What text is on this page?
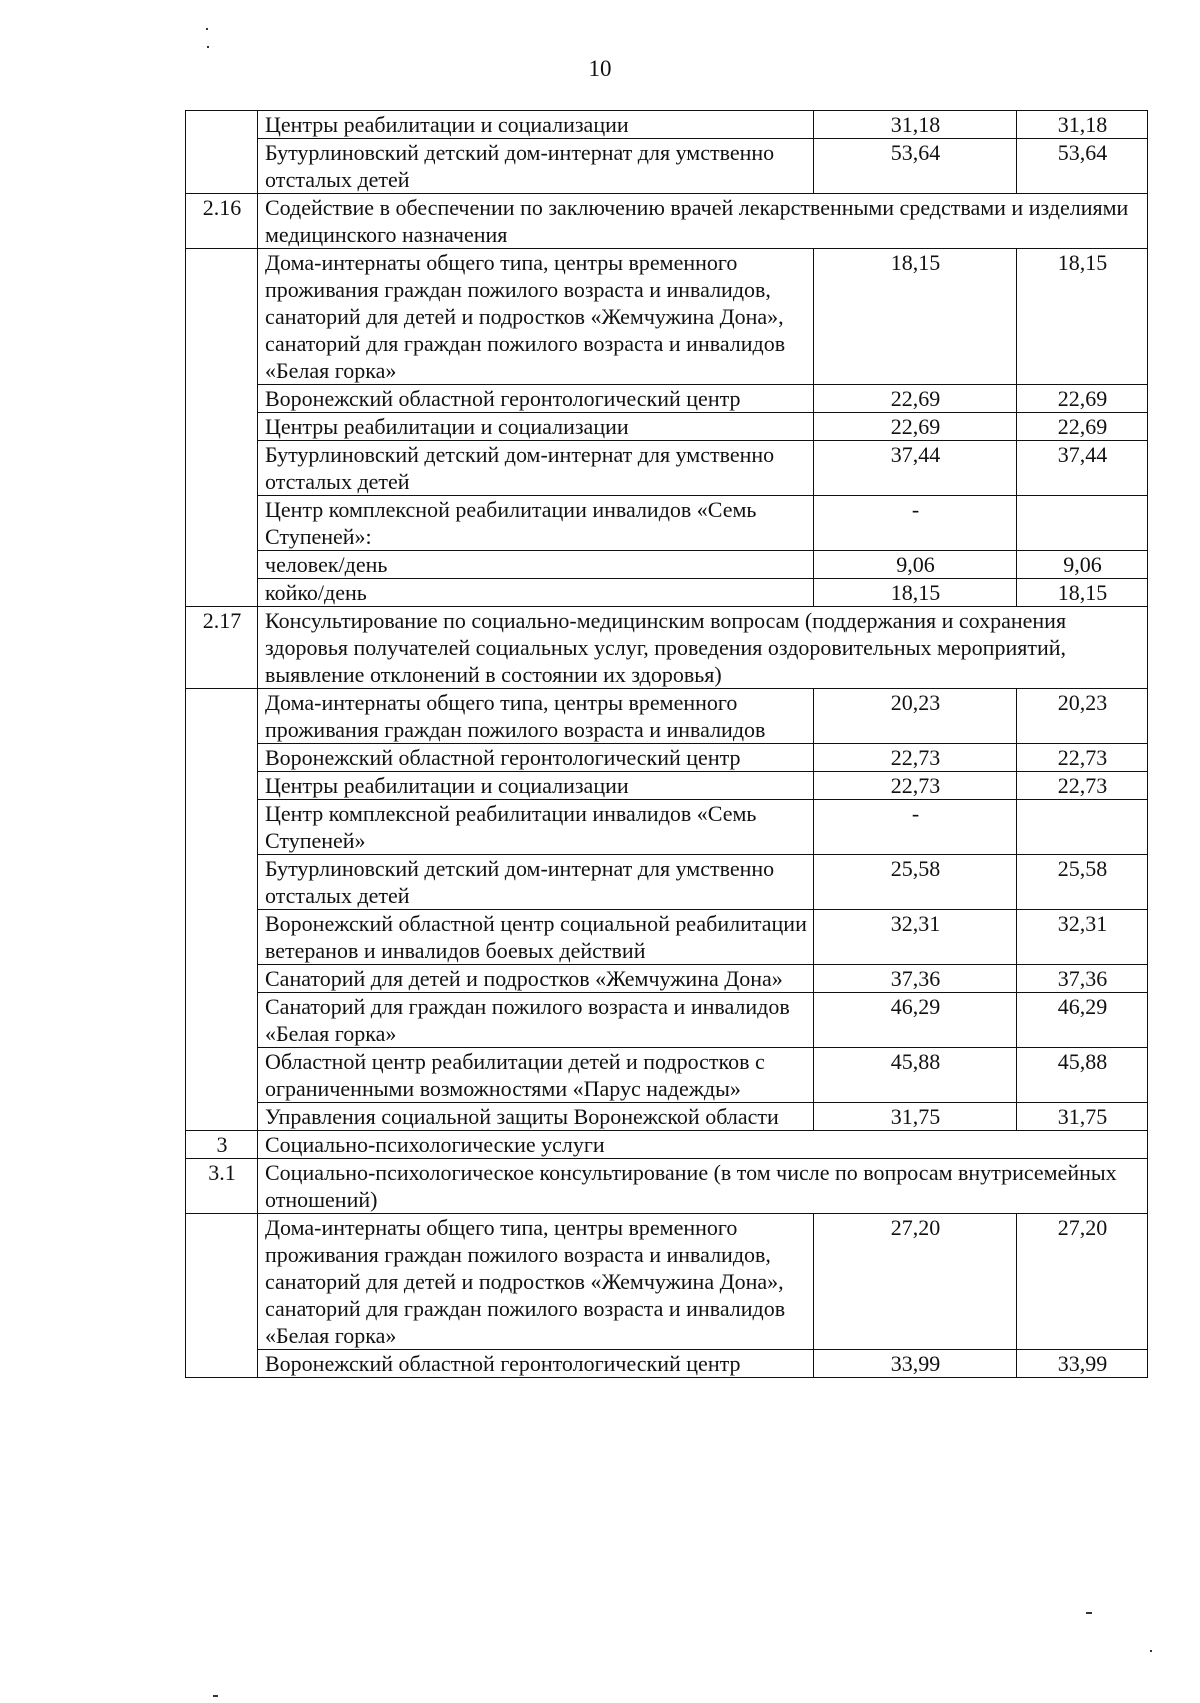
10
	Центры реабилитации и социализации	31,18	31,18
	Бутурлиновский детский дом-интернат для умственно отсталых детей	53,64	53,64
2.16	Содействие в обеспечении по заключению врачей лекарственными средствами и изделиями медицинского назначения		
	Дома-интернаты общего типа, центры временного проживания граждан пожилого возраста и инвалидов, санаторий для детей и подростков «Жемчужина Дона», санаторий для граждан пожилого возраста и инвалидов «Белая горка»	18,15	18,15
	Воронежский областной геронтологический центр	22,69	22,69
	Центры реабилитации и социализации	22,69	22,69
	Бутурлиновский детский дом-интернат для умственно отсталых детей	37,44	37,44
	Центр комплексной реабилитации инвалидов «Семь Ступеней»:	-	
	человек/день	9,06	9,06
	койко/день	18,15	18,15
2.17	Консультирование по социально-медицинским вопросам (поддержания и сохранения здоровья получателей социальных услуг, проведения оздоровительных мероприятий, выявление отклонений в состоянии их здоровья)		
	Дома-интернаты общего типа, центры временного проживания граждан пожилого возраста и инвалидов	20,23	20,23
	Воронежский областной геронтологический центр	22,73	22,73
	Центры реабилитации и социализации	22,73	22,73
	Центр комплексной реабилитации инвалидов «Семь Ступеней»	-	
	Бутурлиновский детский дом-интернат для умственно отсталых детей	25,58	25,58
	Воронежский областной центр социальной реабилитации ветеранов и инвалидов боевых действий	32,31	32,31
	Санаторий для детей и подростков «Жемчужина Дона»	37,36	37,36
	Санаторий для граждан пожилого возраста и инвалидов «Белая горка»	46,29	46,29
	Областной центр реабилитации детей и подростков с ограниченными возможностями «Парус надежды»	45,88	45,88
	Управления социальной защиты Воронежской области	31,75	31,75
3	Социально-психологические услуги		
3.1	Социально-психологическое консультирование (в том числе по вопросам внутрисемейных отношений)		
	Дома-интернаты общего типа, центры временного проживания граждан пожилого возраста и инвалидов, санаторий для детей и подростков «Жемчужина Дона», санаторий для граждан пожилого возраста и инвалидов «Белая горка»	27,20	27,20
	Воронежский областной геронтологический центр	33,99	33,99
